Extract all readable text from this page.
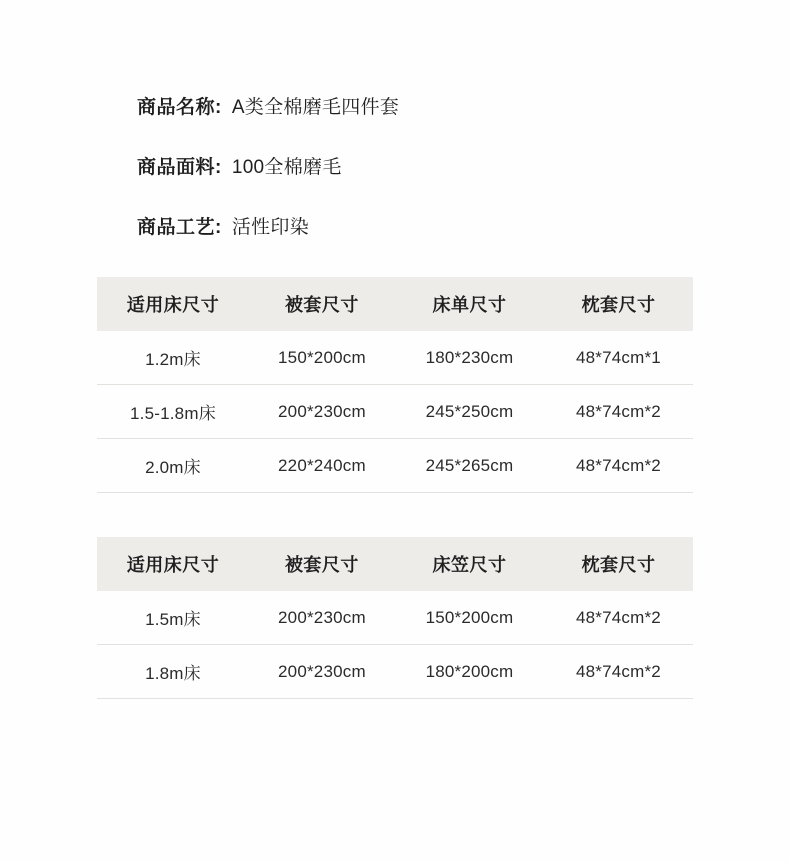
商品名称: A类全棉磨毛四件套
商品面料: 100全棉磨毛
商品工艺: 活性印染
适用床尺寸	被套尺寸	床单尺寸	枕套尺寸
1.2m床	150*200cm	180*230cm	48*74cm*1
1.5-1.8m床	200*230cm	245*250cm	48*74cm*2
2.0m床	220*240cm	245*265cm	48*74cm*2
适用床尺寸	被套尺寸	床笠尺寸	枕套尺寸
1.5m床	200*230cm	150*200cm	48*74cm*2
1.8m床	200*230cm	180*200cm	48*74cm*2
